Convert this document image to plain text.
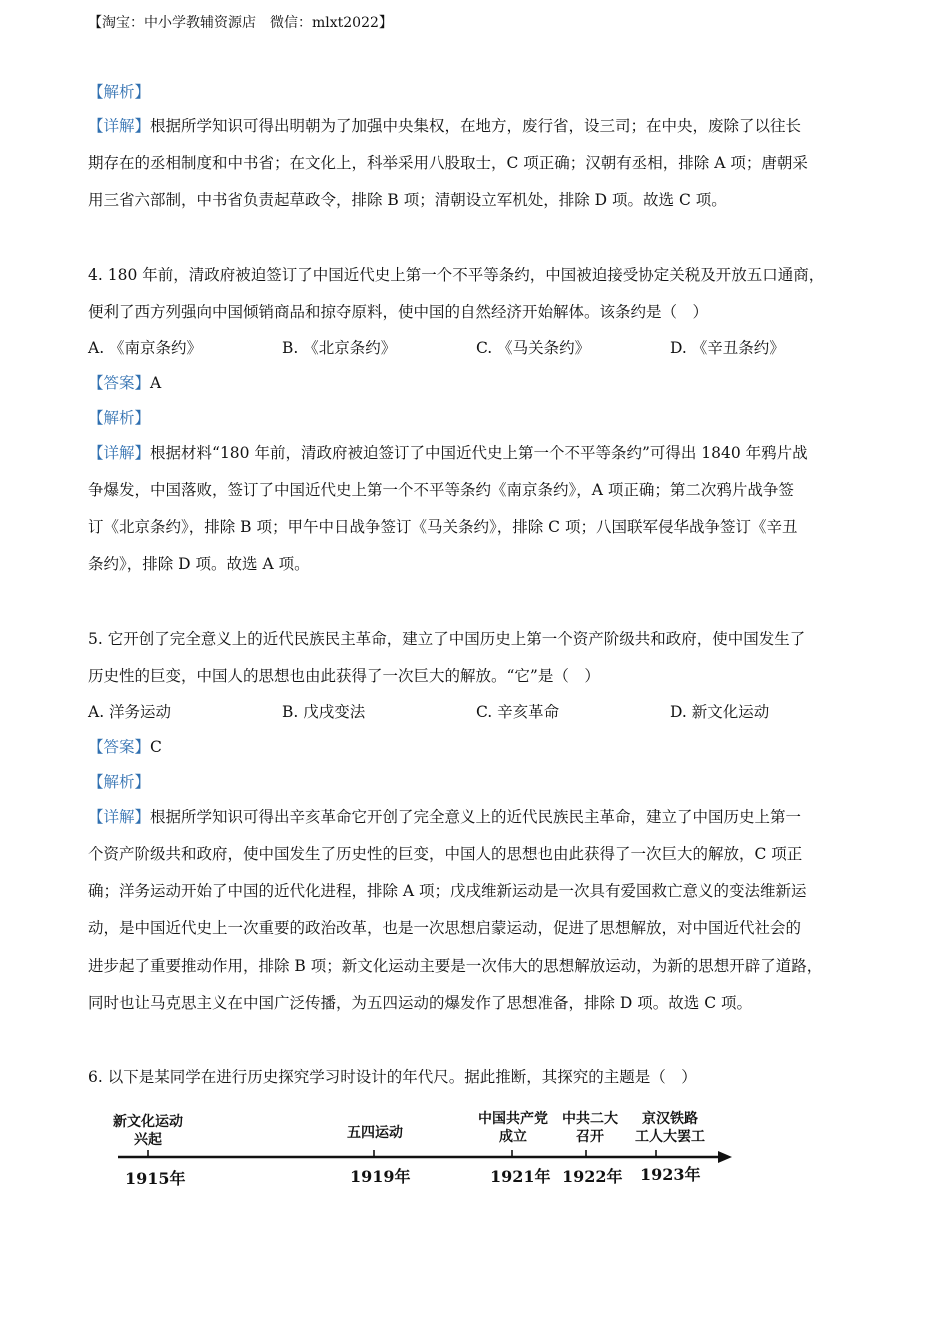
【淘宝：中小学教辅资源店　微信：mlxt2022】
【解析】
【详解】根据所学知识可得出明朝为了加强中央集权，在地方，废行省，设三司；在中央，废除了以往长
期存在的丞相制度和中书省；在文化上，科举采用八股取士，C 项正确；汉朝有丞相，排除 A 项；唐朝采
用三省六部制，中书省负责起草政令，排除 B 项；清朝设立军机处，排除 D 项。故选 C 项。
4. 180 年前，清政府被迫签订了中国近代史上第一个不平等条约，中国被迫接受协定关税及开放五口通商，
便利了西方列强向中国倾销商品和掠夺原料，使中国的自然经济开始解体。该条约是（　）
A. 《南京条约》	B. 《北京条约》	C. 《马关条约》	D. 《辛丑条约》
【答案】A
【解析】
【详解】根据材料“180 年前，清政府被迫签订了中国近代史上第一个不平等条约”可得出 1840 年鸦片战
争爆发，中国落败，签订了中国近代史上第一个不平等条约《南京条约》，A 项正确；第二次鸦片战争签
订《北京条约》，排除 B 项；甲午中日战争签订《马关条约》，排除 C 项；八国联军侵华战争签订《辛丑
条约》，排除 D 项。故选 A 项。
5. 它开创了完全意义上的近代民族民主革命，建立了中国历史上第一个资产阶级共和政府，使中国发生了
历史性的巨变，中国人的思想也由此获得了一次巨大的解放。“它”是（　）
A. 洋务运动	B. 戊戌变法	C. 辛亥革命	D. 新文化运动
【答案】C
【解析】
【详解】根据所学知识可得出辛亥革命它开创了完全意义上的近代民族民主革命，建立了中国历史上第一
个资产阶级共和政府，使中国发生了历史性的巨变，中国人的思想也由此获得了一次巨大的解放，C 项正
确；洋务运动开始了中国的近代化进程，排除 A 项；戊戌维新运动是一次具有爱国救亡意义的变法维新运
动，是中国近代史上一次重要的政治改革，也是一次思想启蒙运动，促进了思想解放，对中国近代社会的
进步起了重要推动作用，排除 B 项；新文化运动主要是一次伟大的思想解放运动，为新的思想开辟了道路，
同时也让马克思主义在中国广泛传播，为五四运动的爆发作了思想准备，排除 D 项。故选 C 项。
6. 以下是某同学在进行历史探究学习时设计的年代尺。据此推断，其探究的主题是（　）
新文化运动
兴起	五四运动
中国共产党
成立
中共二大
召开
京汉铁路
工人大罢工
1915年	1919年	1921年 1922年 1923年
